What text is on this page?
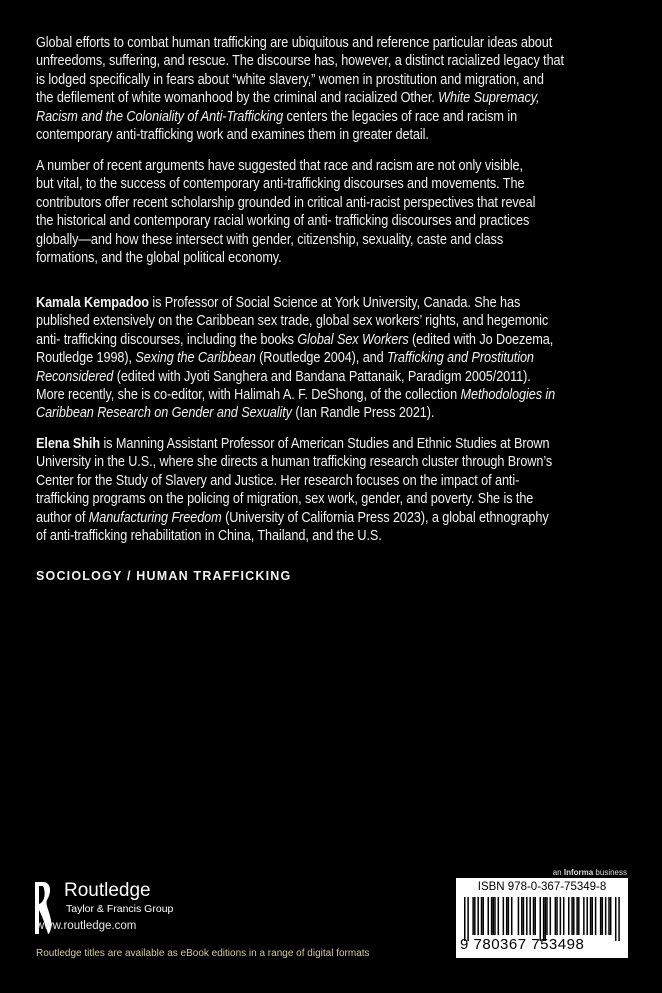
Global efforts to combat human trafficking are ubiquitous and reference particular ideas about
unfreedoms, suffering, and rescue. The discourse has, however, a distinct racialized legacy that
is lodged specifically in fears about “white slavery,” women in prostitution and migration, and
the defilement of white womanhood by the criminal and racialized Other. White Supremacy,
Racism and the Coloniality of Anti-Trafficking centers the legacies of race and racism in
contemporary anti-trafficking work and examines them in greater detail.
A number of recent arguments have suggested that race and racism are not only visible,
but vital, to the success of contemporary anti-trafficking discourses and movements. The
contributors offer recent scholarship grounded in critical anti-racist perspectives that reveal
the historical and contemporary racial working of anti- trafficking discourses and practices
globally—and how these intersect with gender, citizenship, sexuality, caste and class
formations, and the global political economy.
Kamala Kempadoo is Professor of Social Science at York University, Canada. She has
published extensively on the Caribbean sex trade, global sex workers’ rights, and hegemonic
anti- trafficking discourses, including the books Global Sex Workers (edited with Jo Doezema,
Routledge 1998), Sexing the Caribbean (Routledge 2004), and Trafficking and Prostitution
Reconsidered (edited with Jyoti Sanghera and Bandana Pattanaik, Paradigm 2005/2011).
More recently, she is co-editor, with Halimah A. F. DeShong, of the collection Methodologies in
Caribbean Research on Gender and Sexuality (Ian Randle Press 2021).
Elena Shih is Manning Assistant Professor of American Studies and Ethnic Studies at Brown
University in the U.S., where she directs a human trafficking research cluster through Brown’s
Center for the Study of Slavery and Justice. Her research focuses on the impact of anti-
trafficking programs on the policing of migration, sex work, gender, and poverty. She is the
author of Manufacturing Freedom (University of California Press 2023), a global ethnography
of anti-trafficking rehabilitation in China, Thailand, and the U.S.
SOCIOLOGY / HUMAN TRAFFICKING
Routledge
Taylor & Francis Group
www.routledge.com
Routledge titles are available as eBook editions in a range of digital formats
an Informa business
ISBN 978-0-367-75349-8
9 780367 753498
